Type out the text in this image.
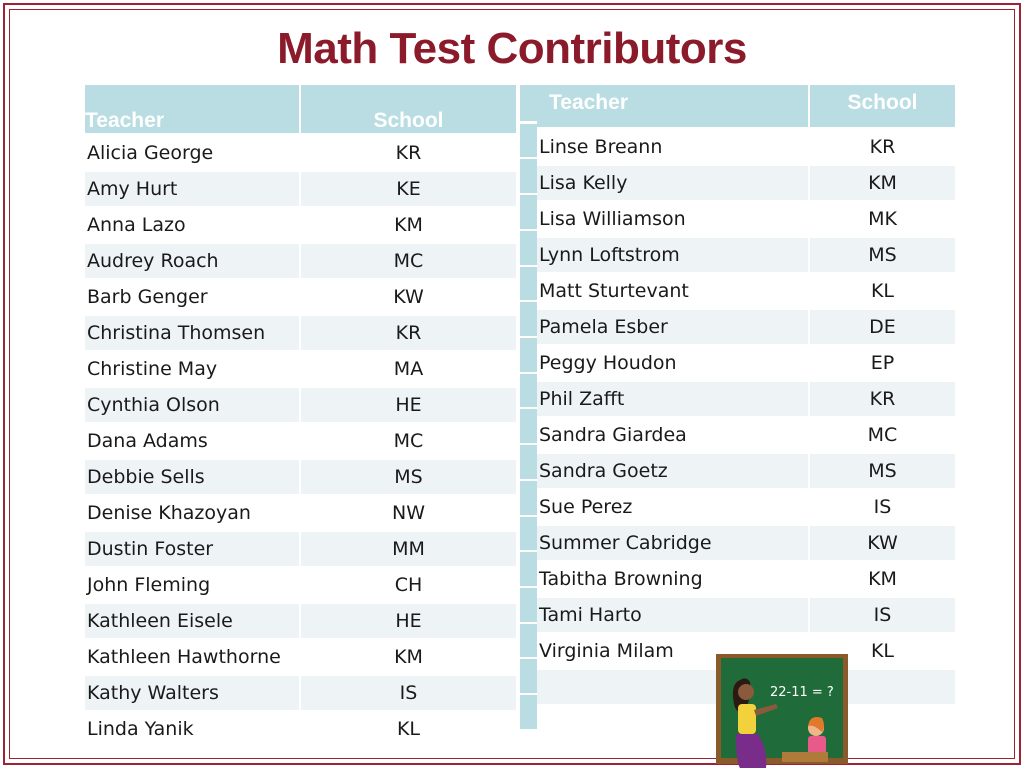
Math Test Contributors
Teacher	School
Alicia George	KR
Amy Hurt	KE
Anna Lazo	KM
Audrey Roach	MC
Barb Genger	KW
Christina Thomsen	KR
Christine May	MA
Cynthia Olson	HE
Dana Adams	MC
Debbie Sells	MS
Denise Khazoyan	NW
Dustin Foster	MM
John Fleming	CH
Kathleen Eisele	HE
Kathleen Hawthorne	KM
Kathy Walters	IS
Linda Yanik	KL
Teacher	School
Linse Breann	KR
Lisa Kelly	KM
Lisa Williamson	MK
Lynn Loftstrom	MS
Matt Sturtevant	KL
Pamela Esber	DE
Peggy Houdon	EP
Phil Zafft	KR
Sandra Giardea	MC
Sandra Goetz	MS
Sue Perez	IS
Summer Cabridge	KW
Tabitha Browning	KM
Tami Harto	IS
Virginia Milam	KL

22-11 = ?
